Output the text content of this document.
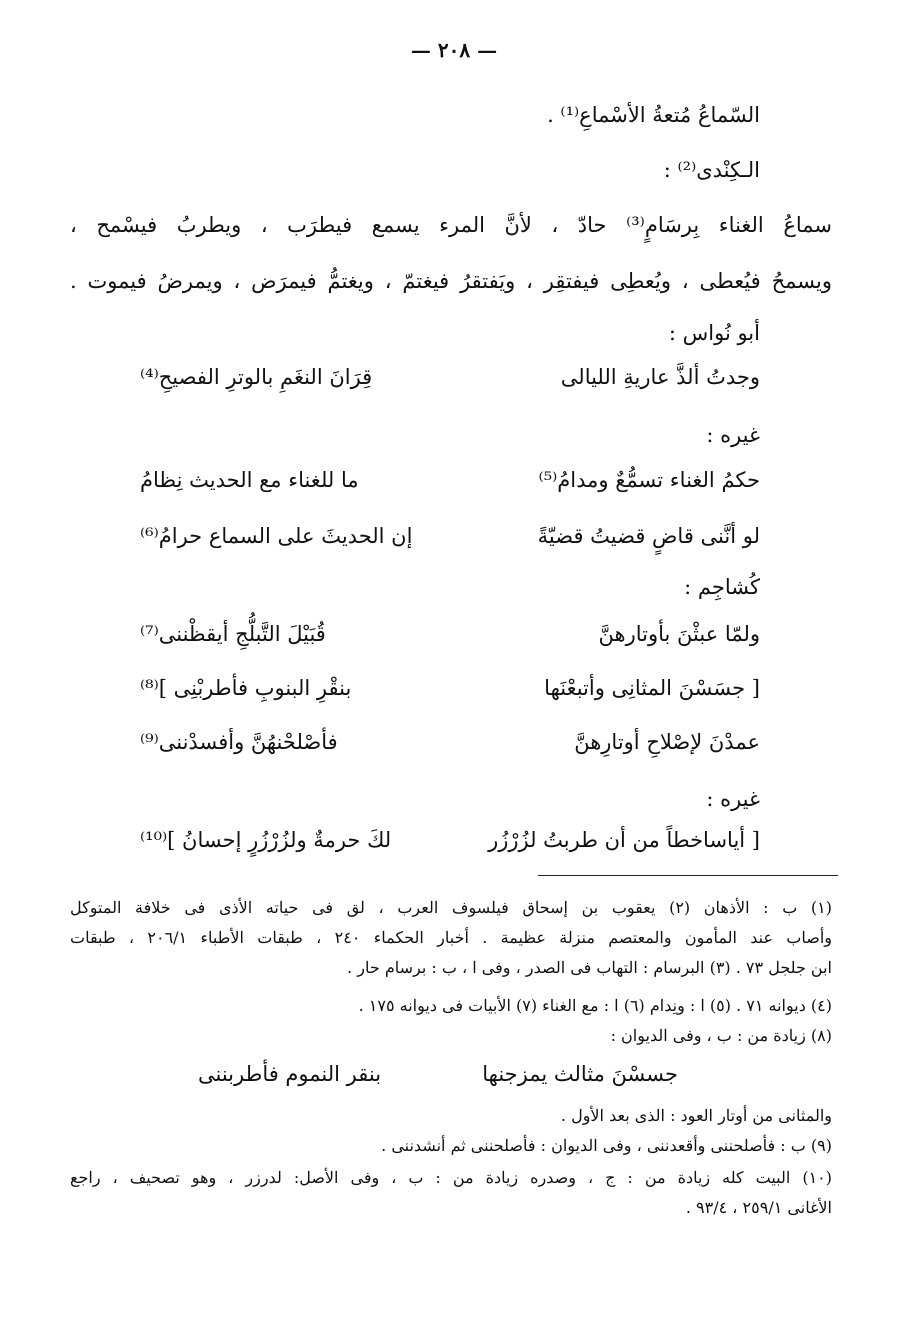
— ٢٠٨ —
السّماعُ مُتعةُ الأسْماعِ⁽¹⁾ .
الـكِنْدى⁽²⁾ :
سماعُ الغناء بِرسَامٍ⁽³⁾ حادّ ، لأنَّ المرء يسمع فيطرَب ، ويطربُ فيسْمح ،
ويسمحُ فيُعطى ، ويُعطِى فيفتقِر ، ويَفتقرُ فيغتمّ ، ويغتمُّ فيمرَض ، ويمرضُ فيموت .
أبو نُواس :
وجدتُ ألذَّ عاريةِ الليالى
قِرَانَ النغَمِ بالوترِ الفصيحِ⁽⁴⁾
غيره :
حكمُ الغناء تسمُّعٌ ومدامُ⁽⁵⁾
ما للغناء مع الحديث نِظامُ
لو أنَّنى قاضٍ قضيتُ قضيّةً
إن الحديثَ على السماع حرامُ⁽⁶⁾
كُشاجِم :
ولمّا عبثْنَ بأوتارهنَّ
قُبَيْلَ التَّبلُّجِ أيقظْننى⁽⁷⁾
[ جسَسْنَ المثانِى وأتبعْنَها
بنقْرِ البنوبِ فأطربْنِى ]⁽⁸⁾
عمدْنَ لإصْلاحِ أوتارِهنَّ
فأصْلحْنهُنَّ وأفسدْننى⁽⁹⁾
غيره :
[ أياساخطاً من أن طربتُ لزُرْزُر
لكَ حرمةٌ ولزُرْزُرٍ إحسانُ ]⁽¹⁰⁾
(١) ب : الأذهان (٢) يعقوب بن إسحاق فيلسوف العرب ، لق فى حياته الأذى فى خلافة المتوكل
وأصاب عند المأمون والمعتصم منزلة عظيمة . أخبار الحكماء ٢٤٠ ، طبقات الأطباء ٢٠٦/١ ، طبقات
ابن جلجل ٧٣ . (٣) البرسام : التهاب فى الصدر ، وفى ا ، ب : برسام حار .
(٤) ديوانه ٧١ . (٥) ا : ونِدام (٦) ا : مع الغناء (٧) الأبيات فى ديوانه ١٧٥ .
(٨) زيادة من : ب ، وفى الديوان :
جسسْنَ مثالث يمزجنها
بنقر النموم فأطربننى
والمثانى من أوتار العود : الذى بعد الأول .
(٩) ب : فأصلحننى وأقعدننى ، وفى الديوان : فأصلحننى ثم أنشدننى .
(١٠) البيت كله زيادة من : ج ، وصدره زيادة من : ب ، وفى الأصل: لدرزر ، وهو تصحيف ، راجع
الأغانى ٢٥٩/١ ، ٩٣/٤ .
